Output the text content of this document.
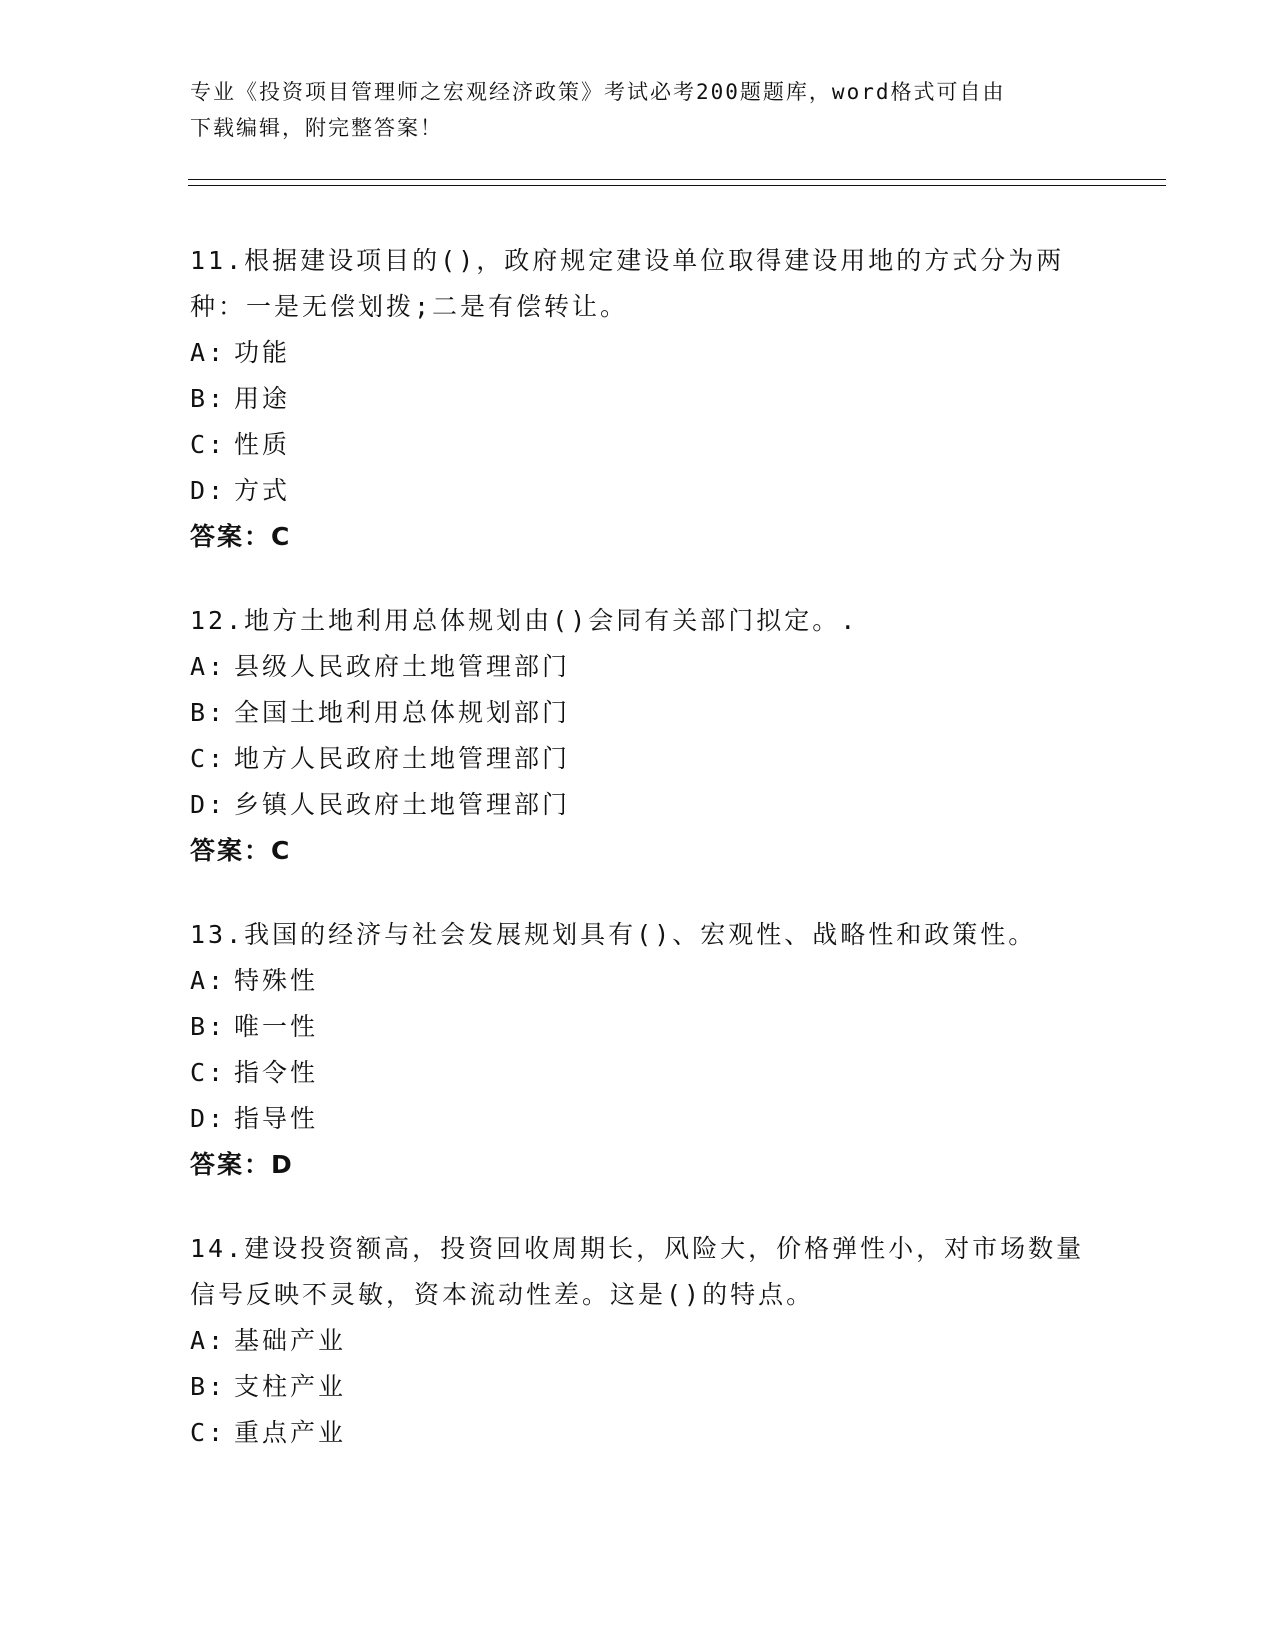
专业《投资项目管理师之宏观经济政策》考试必考200题题库，word格式可自由
下载编辑，附完整答案！
11.根据建设项目的()，政府规定建设单位取得建设用地的方式分为两种：一是无偿划拨;二是有偿转让。
A: 功能
B: 用途
C: 性质
D: 方式
答案：C
12.地方土地利用总体规划由()会同有关部门拟定。.
A: 县级人民政府土地管理部门
B: 全国土地利用总体规划部门
C: 地方人民政府土地管理部门
D: 乡镇人民政府土地管理部门
答案：C
13.我国的经济与社会发展规划具有()、宏观性、战略性和政策性。
A: 特殊性
B: 唯一性
C: 指令性
D: 指导性
答案：D
14.建设投资额高，投资回收周期长，风险大，价格弹性小，对市场数量信号反映不灵敏，资本流动性差。这是()的特点。
A: 基础产业
B: 支柱产业
C: 重点产业
